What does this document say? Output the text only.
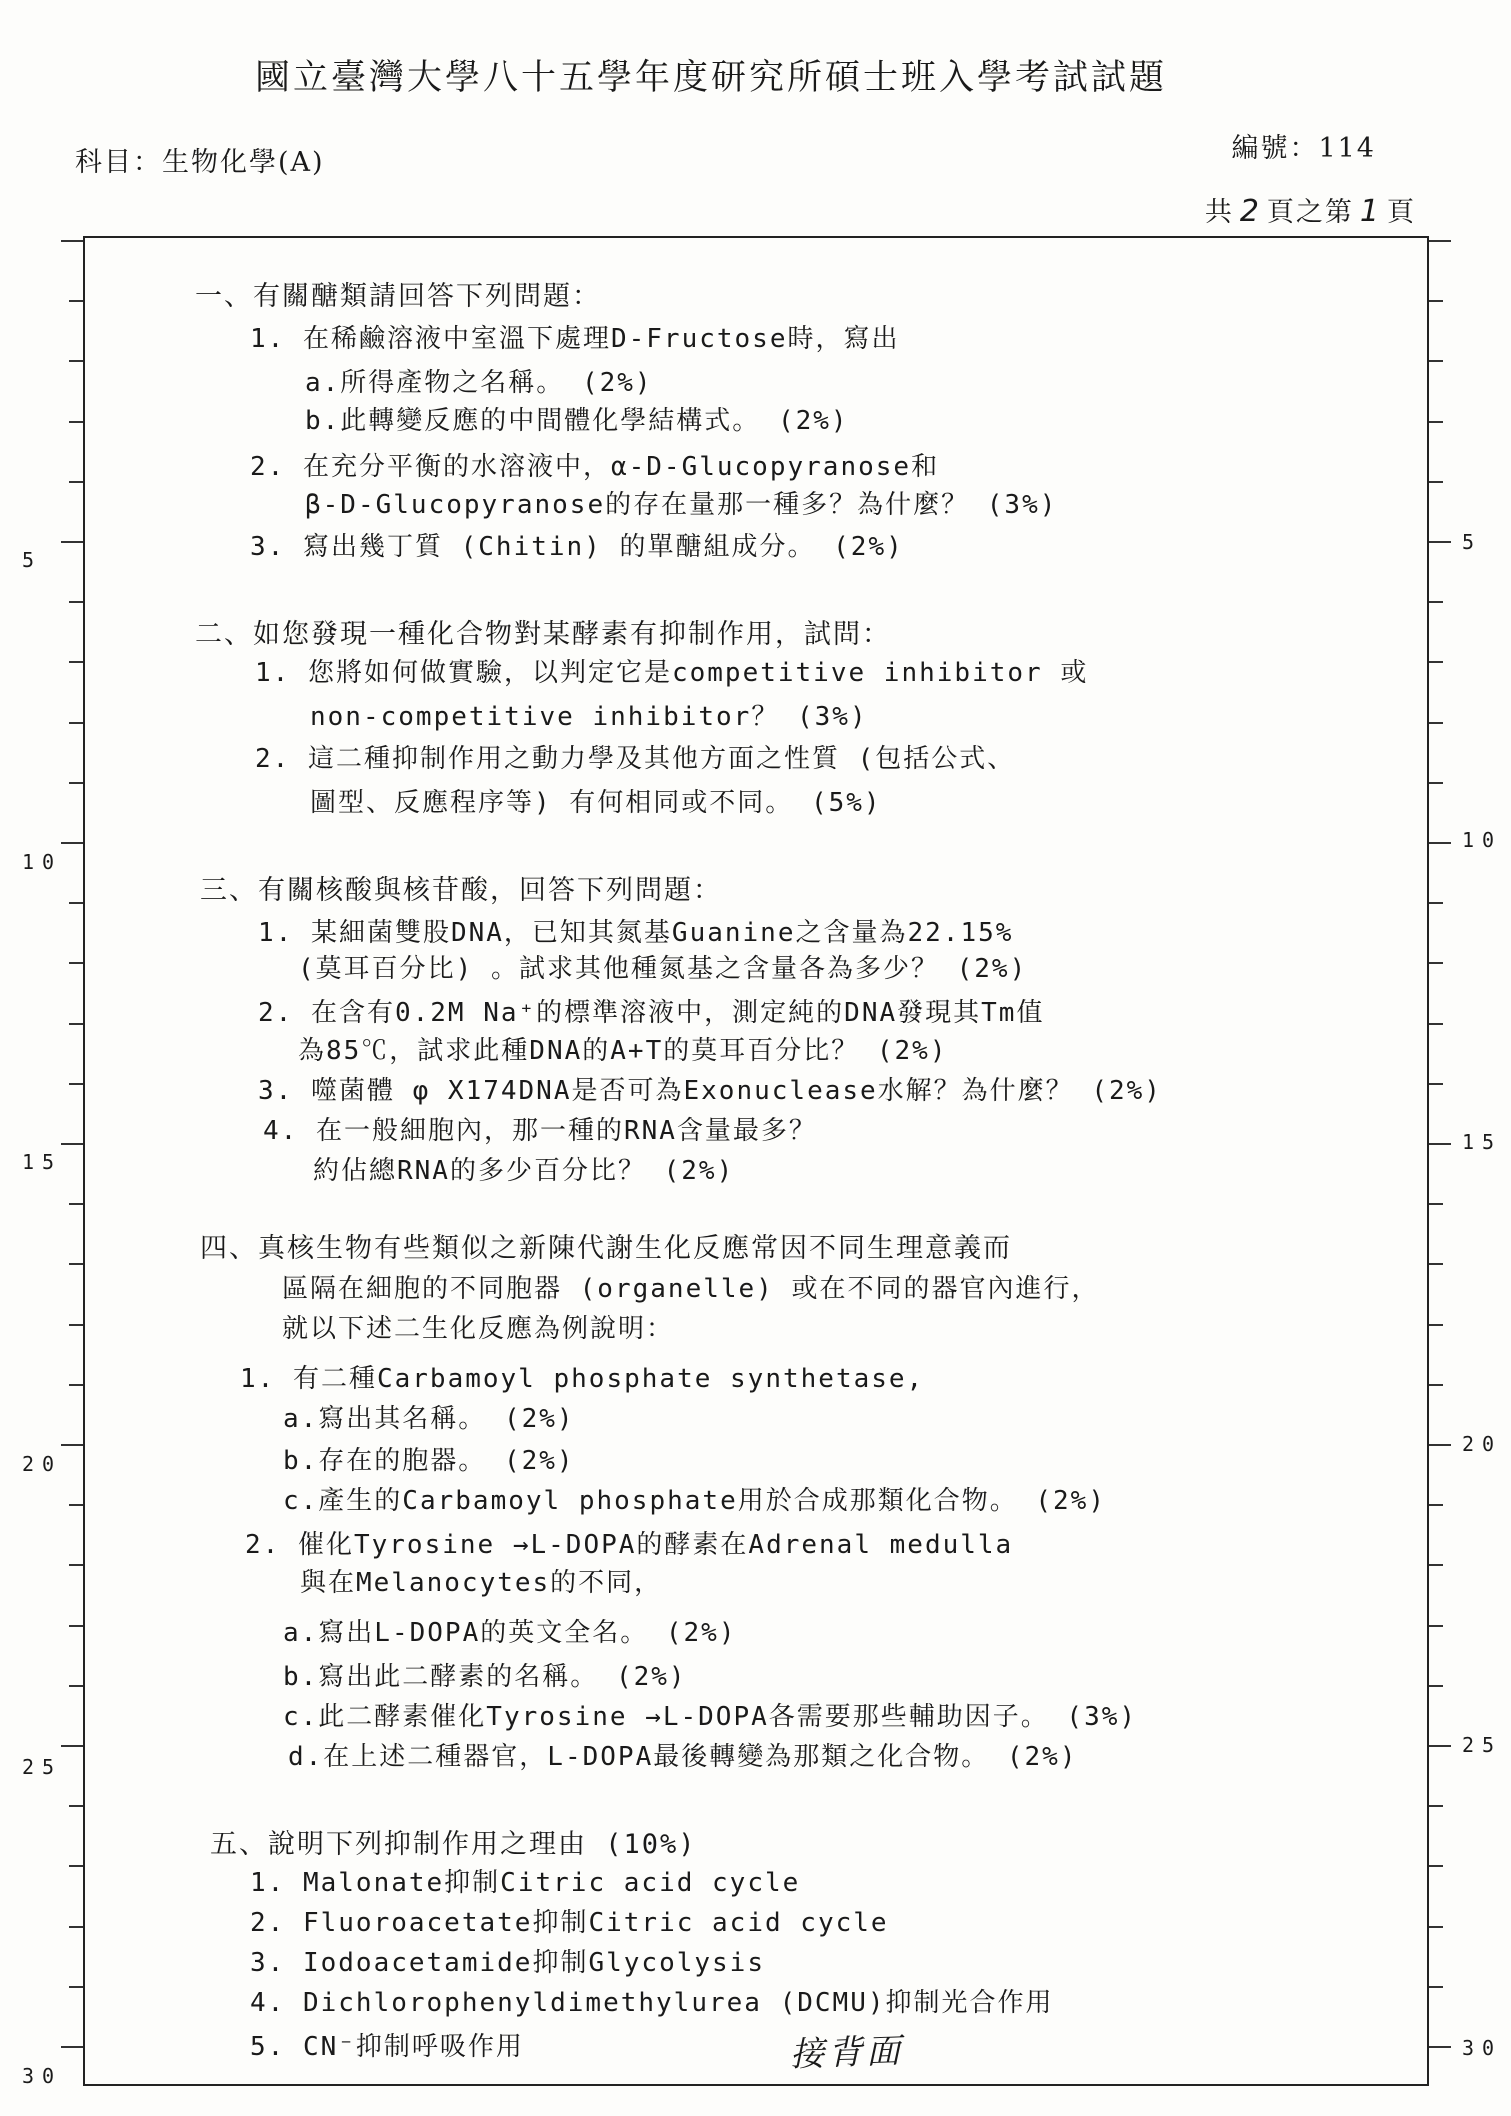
國立臺灣大學八十五學年度研究所碩士班入學考試試題
科目：生物化學(A)	編號：114
共 2 頁之第 1 頁
5
5
10
10
15
15
20
20
25
25
30
30
一、有關醣類請回答下列問題：
1. 在稀鹼溶液中室溫下處理D-Fructose時，寫出
a.所得產物之名稱。 (2%)
b.此轉變反應的中間體化學結構式。 (2%)
2. 在充分平衡的水溶液中，α-D-Glucopyranose和
β-D-Glucopyranose的存在量那一種多？為什麼？ (3%)
3. 寫出幾丁質 (Chitin) 的單醣組成分。 (2%)
二、如您發現一種化合物對某酵素有抑制作用，試問：
1. 您將如何做實驗，以判定它是competitive inhibitor 或
non-competitive inhibitor？ (3%)
2. 這二種抑制作用之動力學及其他方面之性質 (包括公式、
圖型、反應程序等) 有何相同或不同。 (5%)
三、有關核酸與核苷酸，回答下列問題：
1. 某細菌雙股DNA，已知其氮基Guanine之含量為22.15%
(莫耳百分比) 。試求其他種氮基之含量各為多少？ (2%)
2. 在含有0.2M Na⁺的標準溶液中，測定純的DNA發現其Tm值
為85℃，試求此種DNA的A+T的莫耳百分比？ (2%)
3. 噬菌體 φ X174DNA是否可為Exonuclease水解？為什麼？ (2%)
4. 在一般細胞內，那一種的RNA含量最多？
約佔總RNA的多少百分比？ (2%)
四、真核生物有些類似之新陳代謝生化反應常因不同生理意義而
區隔在細胞的不同胞器 (organelle) 或在不同的器官內進行，
就以下述二生化反應為例說明：
1. 有二種Carbamoyl phosphate synthetase,
a.寫出其名稱。 (2%)
b.存在的胞器。 (2%)
c.產生的Carbamoyl phosphate用於合成那類化合物。 (2%)
2. 催化Tyrosine →L-DOPA的酵素在Adrenal medulla
與在Melanocytes的不同，
a.寫出L-DOPA的英文全名。 (2%)
b.寫出此二酵素的名稱。 (2%)
c.此二酵素催化Tyrosine →L-DOPA各需要那些輔助因子。 (3%)
d.在上述二種器官，L-DOPA最後轉變為那類之化合物。 (2%)
五、說明下列抑制作用之理由 (10%)
1. Malonate抑制Citric acid cycle
2. Fluoroacetate抑制Citric acid cycle
3. Iodoacetamide抑制Glycolysis
4. Dichlorophenyldimethylurea (DCMU)抑制光合作用
5. CN⁻抑制呼吸作用	接背面
